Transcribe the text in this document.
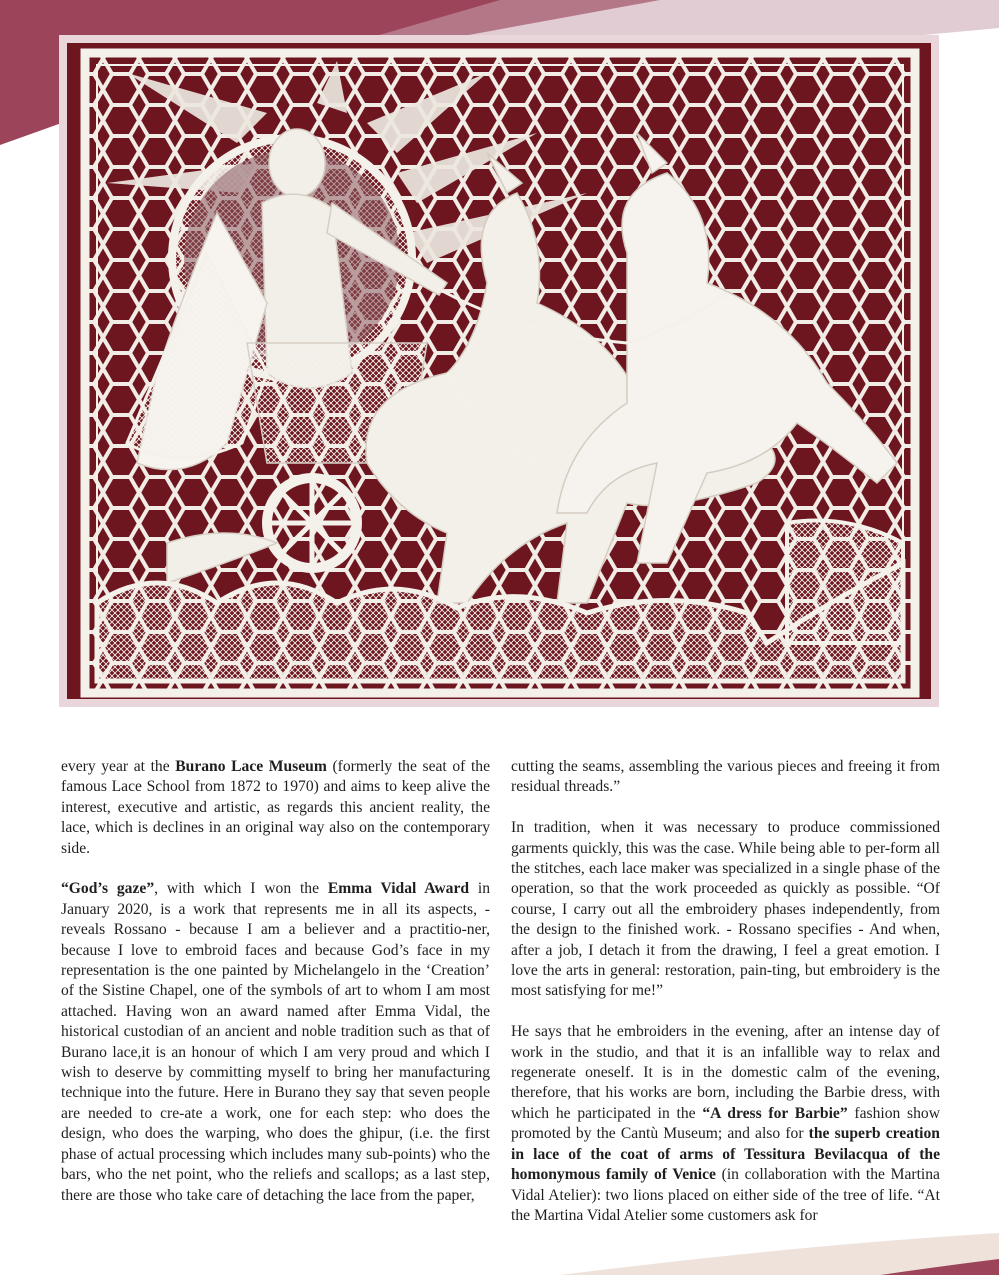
every year at the Burano Lace Museum (formerly the seat of the famous Lace School from 1872 to 1970) and aims to keep alive the interest, executive and artistic, as regards this ancient reality, the lace, which is declines in an original way also on the contemporary side.

“God’s gaze”, with which I won the Emma Vidal Award in January 2020, is a work that represents me in all its aspects, - reveals Rossano - because I am a believer and a practitio-ner, because I love to embroid faces and because God’s face in my representation is the one painted by Michelangelo in the ‘Creation’ of the Sistine Chapel, one of the symbols of art to whom I am most attached. Having won an award named after Emma Vidal, the historical custodian of an ancient and noble tradition such as that of Burano lace,it is an honour of which I am very proud and which I wish to deserve by committing myself to bring her manufacturing technique into the future. Here in Burano they say that seven people are needed to cre-ate a work, one for each step: who does the design, who does the warping, who does the ghipur, (i.e. the first phase of actual processing which includes many sub-points) who the bars, who the net point, who the reliefs and scallops; as a last step, there are those who take care of detaching the lace from the paper,

cutting the seams, assembling the various pieces and freeing it from residual threads.”

In tradition, when it was necessary to produce commissioned garments quickly, this was the case. While being able to per-form all the stitches, each lace maker was specialized in a single phase of the operation, so that the work proceeded as quickly as possible. “Of course, I carry out all the embroidery phases independently, from the design to the finished work. - Rossano specifies - And when, after a job, I detach it from the drawing, I feel a great emotion. I love the arts in general: restoration, pain-ting, but embroidery is the most satisfying for me!”

He says that he embroiders in the evening, after an intense day of work in the studio, and that it is an infallible way to relax and regenerate oneself. It is in the domestic calm of the evening, therefore, that his works are born, including the Barbie dress, with which he participated in the “A dress for Barbie” fashion show promoted by the Cantù Museum; and also for the superb creation in lace of the coat of arms of Tessitura Bevilacqua of the homonymous family of Venice (in collaboration with the Martina Vidal Atelier): two lions placed on either side of the tree of life. “At the Martina Vidal Atelier some customers ask for
